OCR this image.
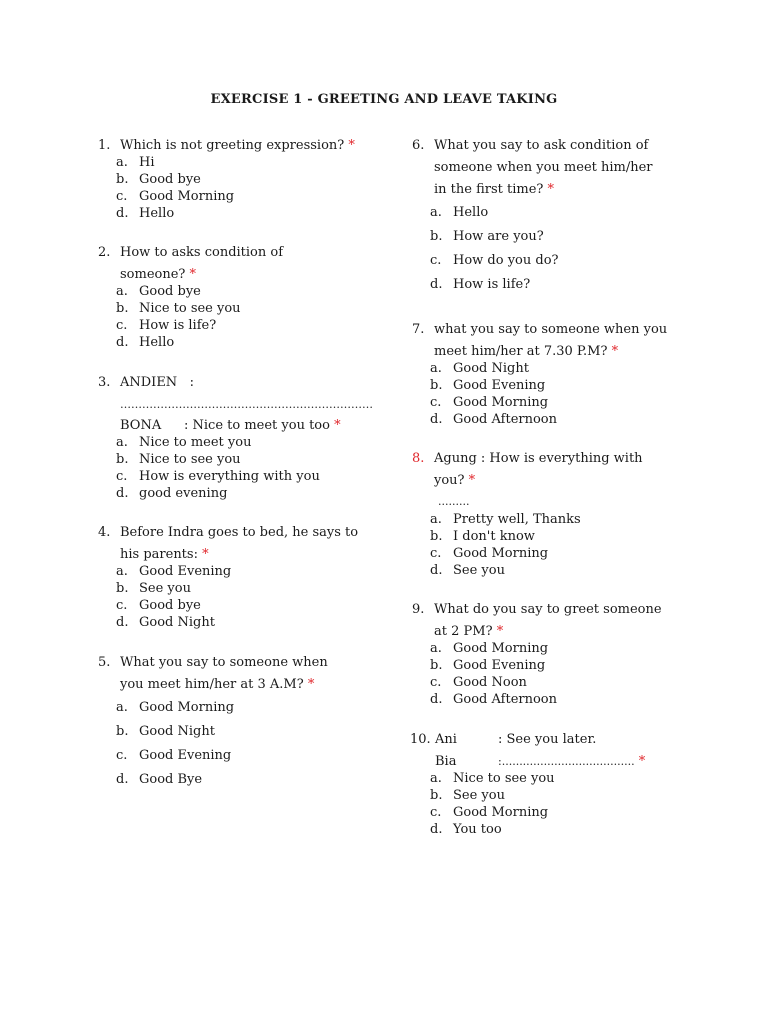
EXERCISE 1 - GREETING AND LEAVE TAKING
1. Which is not greeting expression? *
a. Hi
b. Good bye
c. Good Morning
d. Hello
2. How to asks condition of
someone? *
a. Good bye
b. Nice to see you
c. How is life?
d. Hello
3. ANDIEN   :
……………………………………………………………
BONA : Nice to meet you too *
a. Nice to meet you
b. Nice to see you
c. How is everything with you
d. good evening
4. Before Indra goes to bed, he says to
his parents: *
a. Good Evening
b. See you
c. Good bye
d. Good Night
5. What you say to someone when
you meet him/her at 3 A.M? *
a. Good Morning
b. Good Night
c. Good Evening
d. Good Bye
6. What you say to ask condition of
someone when you meet him/her
in the first time? *
a. Hello
b. How are you?
c. How do you do?
d. How is life?
7. what you say to someone when you
meet him/her at 7.30 P.M? *
a. Good Night
b. Good Evening
c. Good Morning
d. Good Afternoon
8. Agung : How is everything with
you? *
.........
a. Pretty well, Thanks
b. I don't know
c. Good Morning
d. See you
9. What do you say to greet someone
at 2 PM? *
a. Good Morning
b. Good Evening
c. Good Noon
d. Good Afternoon
10. Ani	: See you later.
Bia	:...................................... *
a. Nice to see you
b. See you
c. Good Morning
d. You too
